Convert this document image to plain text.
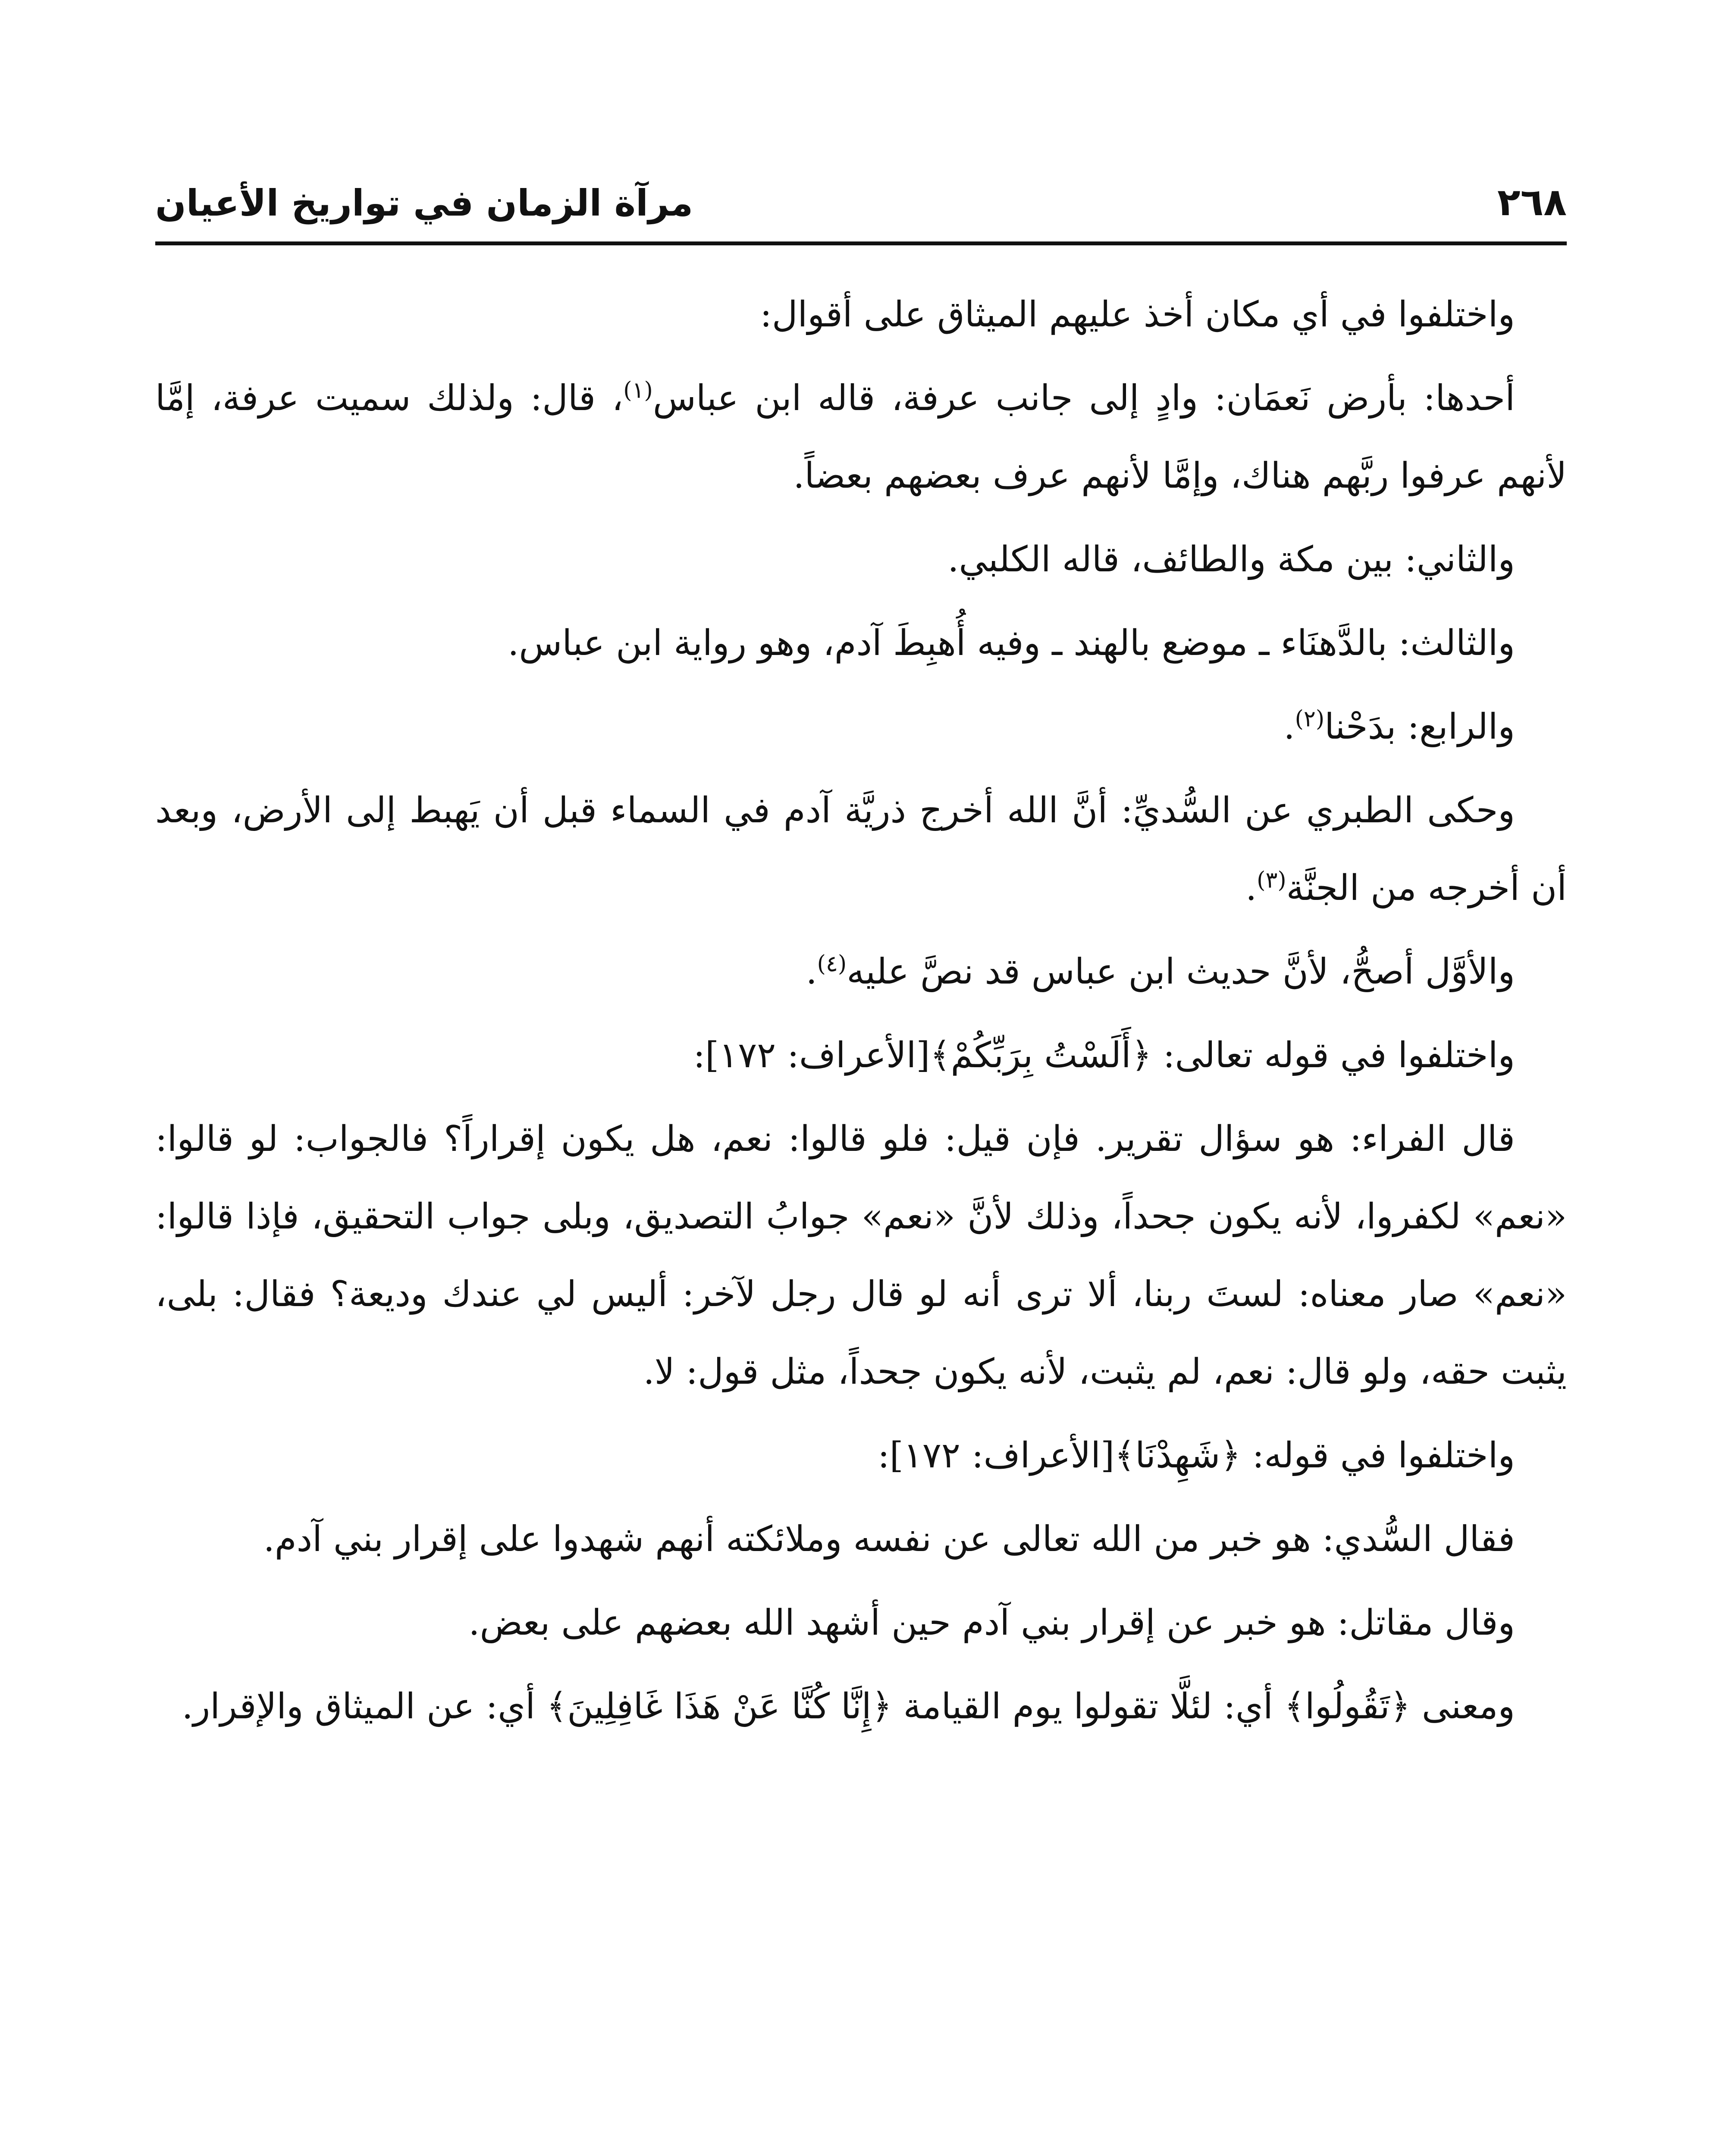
٢٦٨
مرآة الزمان في تواريخ الأعيان

واختلفوا في أي مكان أخذ عليهم الميثاق على أقوال:

أحدها: بأرض نَعمَان: وادٍ إلى جانب عرفة، قاله ابن عباس$^{(١)}$، قال: ولذلك سميت عرفة، إمَّا لأنهم عرفوا ربَّهم هناك، وإمَّا لأنهم عرف بعضهم بعضاً.

والثاني: بين مكة والطائف، قاله الكلبي.

والثالث: بالدَّهنَاء ـ موضع بالهند ـ وفيه أُهبِطَ آدم، وهو رواية ابن عباس.

والرابع: بدَحْنا$^{(٢)}$.

وحكى الطبري عن السُّديِّ: أنَّ الله أخرج ذريَّة آدم في السماء قبل أن يَهبط إلى الأرض، وبعد أن أخرجه من الجنَّة$^{(٣)}$.

والأوَّل أصحُّ، لأنَّ حديث ابن عباس قد نصَّ عليه$^{(٤)}$.

واختلفوا في قوله تعالى: ﴿أَلَسْتُ بِرَبِّكُمْ﴾[الأعراف: ١٧٢]:

قال الفراء: هو سؤال تقرير. فإن قيل: فلو قالوا: نعم، هل يكون إقراراً؟ فالجواب: لو قالوا: «نعم» لكفروا، لأنه يكون جحداً، وذلك لأنَّ «نعم» جوابُ التصديق، وبلى جواب التحقيق، فإذا قالوا: «نعم» صار معناه: لستَ ربنا، ألا ترى أنه لو قال رجل لآخر: أليس لي عندك وديعة؟ فقال: بلى، يثبت حقه، ولو قال: نعم، لم يثبت، لأنه يكون جحداً، مثل قول: لا.

واختلفوا في قوله: ﴿شَهِدْنَا﴾[الأعراف: ١٧٢]:

فقال السُّدي: هو خبر من الله تعالى عن نفسه وملائكته أنهم شهدوا على إقرار بني آدم.

وقال مقاتل: هو خبر عن إقرار بني آدم حين أشهد الله بعضهم على بعض.

ومعنى ﴿تَقُولُوا﴾ أي: لئلَّا تقولوا يوم القيامة ﴿إِنَّا كُنَّا عَنْ هَذَا غَافِلِينَ﴾ أي: عن الميثاق والإقرار.
